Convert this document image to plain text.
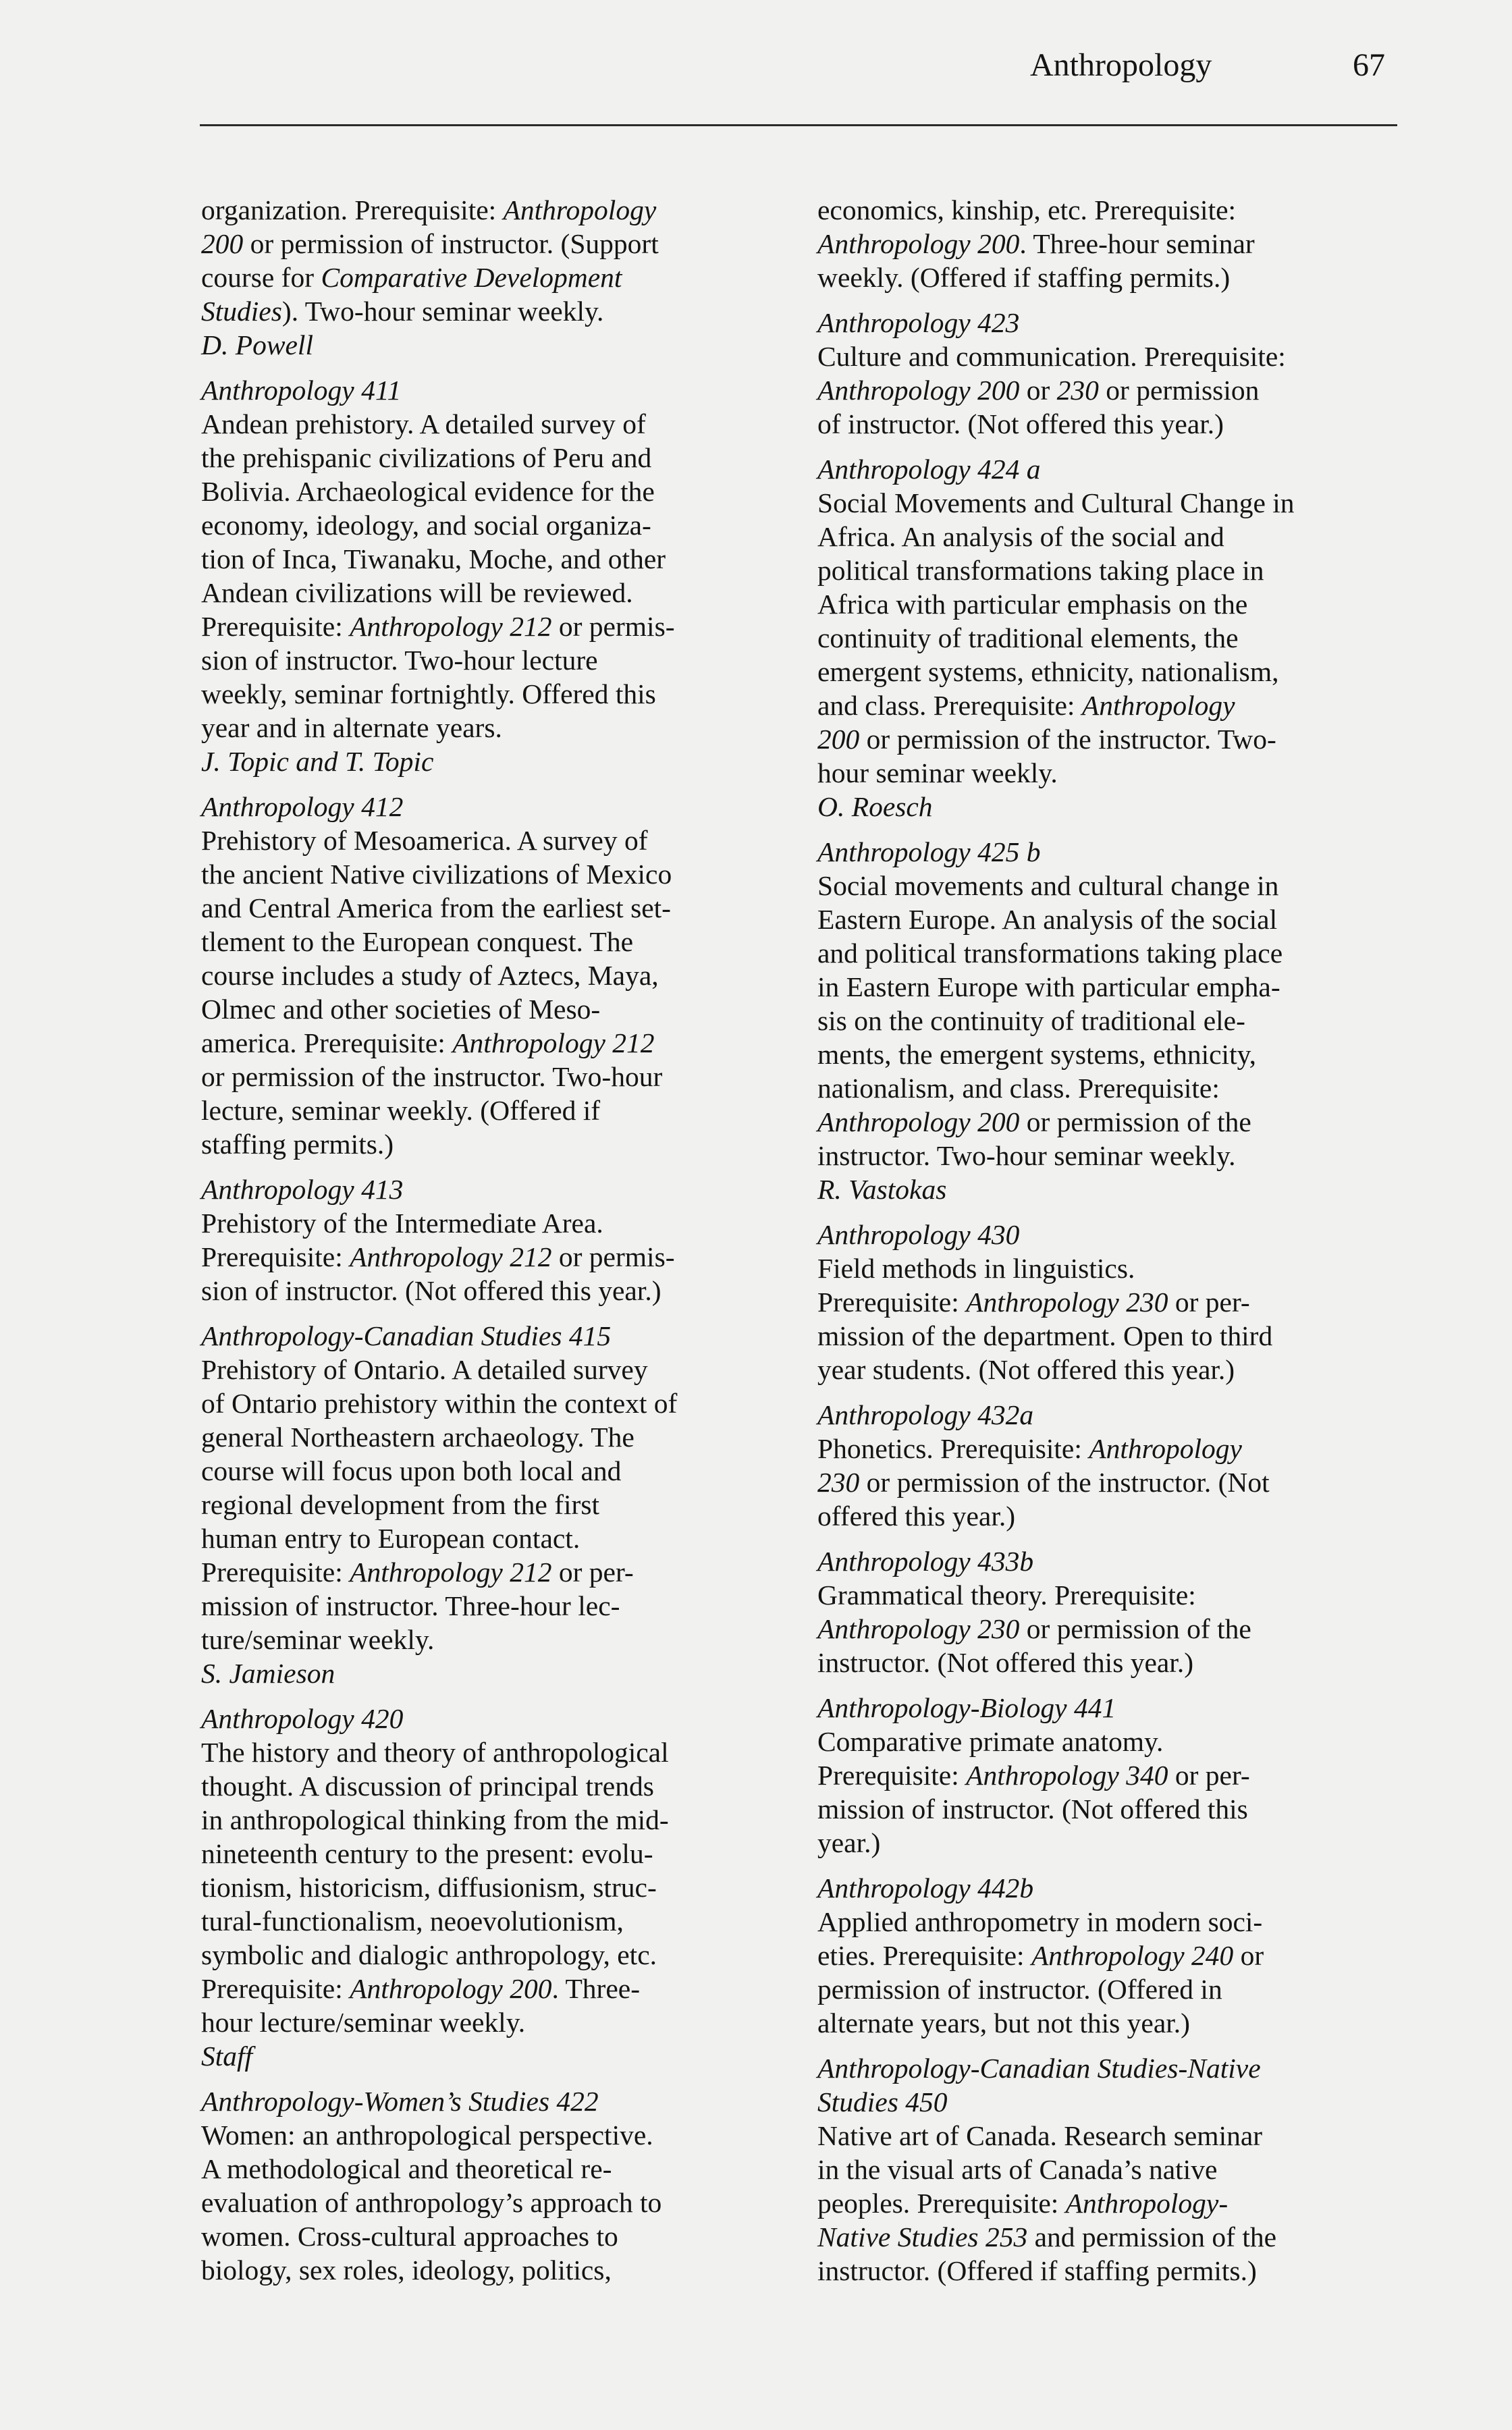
Anthropology	67
organization. Prerequisite: Anthropology
200 or permission of instructor. (Support
course for Comparative Development
Studies). Two-hour seminar weekly.
D. Powell
Anthropology 411
Andean prehistory. A detailed survey of
the prehispanic civilizations of Peru and
Bolivia. Archaeological evidence for the
economy, ideology, and social organiza-
tion of Inca, Tiwanaku, Moche, and other
Andean civilizations will be reviewed.
Prerequisite: Anthropology 212 or permis-
sion of instructor. Two-hour lecture
weekly, seminar fortnightly. Offered this
year and in alternate years.
J. Topic and T. Topic
Anthropology 412
Prehistory of Mesoamerica. A survey of
the ancient Native civilizations of Mexico
and Central America from the earliest set-
tlement to the European conquest. The
course includes a study of Aztecs, Maya,
Olmec and other societies of Meso-
america. Prerequisite: Anthropology 212
or permission of the instructor. Two-hour
lecture, seminar weekly. (Offered if
staffing permits.)
Anthropology 413
Prehistory of the Intermediate Area.
Prerequisite: Anthropology 212 or permis-
sion of instructor. (Not offered this year.)
Anthropology-Canadian Studies 415
Prehistory of Ontario. A detailed survey
of Ontario prehistory within the context of
general Northeastern archaeology. The
course will focus upon both local and
regional development from the first
human entry to European contact.
Prerequisite: Anthropology 212 or per-
mission of instructor. Three-hour lec-
ture/seminar weekly.
S. Jamieson
Anthropology 420
The history and theory of anthropological
thought. A discussion of principal trends
in anthropological thinking from the mid-
nineteenth century to the present: evolu-
tionism, historicism, diffusionism, struc-
tural-functionalism, neoevolutionism,
symbolic and dialogic anthropology, etc.
Prerequisite: Anthropology 200. Three-
hour lecture/seminar weekly.
Staff
Anthropology-Women’s Studies 422
Women: an anthropological perspective.
A methodological and theoretical re-
evaluation of anthropology’s approach to
women. Cross-cultural approaches to
biology, sex roles, ideology, politics,
economics, kinship, etc. Prerequisite:
Anthropology 200. Three-hour seminar
weekly. (Offered if staffing permits.)
Anthropology 423
Culture and communication. Prerequisite:
Anthropology 200 or 230 or permission
of instructor. (Not offered this year.)
Anthropology 424 a
Social Movements and Cultural Change in
Africa. An analysis of the social and
political transformations taking place in
Africa with particular emphasis on the
continuity of traditional elements, the
emergent systems, ethnicity, nationalism,
and class. Prerequisite: Anthropology
200 or permission of the instructor. Two-
hour seminar weekly.
O. Roesch
Anthropology 425 b
Social movements and cultural change in
Eastern Europe. An analysis of the social
and political transformations taking place
in Eastern Europe with particular empha-
sis on the continuity of traditional ele-
ments, the emergent systems, ethnicity,
nationalism, and class. Prerequisite:
Anthropology 200 or permission of the
instructor. Two-hour seminar weekly.
R. Vastokas
Anthropology 430
Field methods in linguistics.
Prerequisite: Anthropology 230 or per-
mission of the department. Open to third
year students. (Not offered this year.)
Anthropology 432a
Phonetics. Prerequisite: Anthropology
230 or permission of the instructor. (Not
offered this year.)
Anthropology 433b
Grammatical theory. Prerequisite:
Anthropology 230 or permission of the
instructor. (Not offered this year.)
Anthropology-Biology 441
Comparative primate anatomy.
Prerequisite: Anthropology 340 or per-
mission of instructor. (Not offered this
year.)
Anthropology 442b
Applied anthropometry in modern soci-
eties. Prerequisite: Anthropology 240 or
permission of instructor. (Offered in
alternate years, but not this year.)
Anthropology-Canadian Studies-Native
Studies 450
Native art of Canada. Research seminar
in the visual arts of Canada’s native
peoples. Prerequisite: Anthropology-
Native Studies 253 and permission of the
instructor. (Offered if staffing permits.)
